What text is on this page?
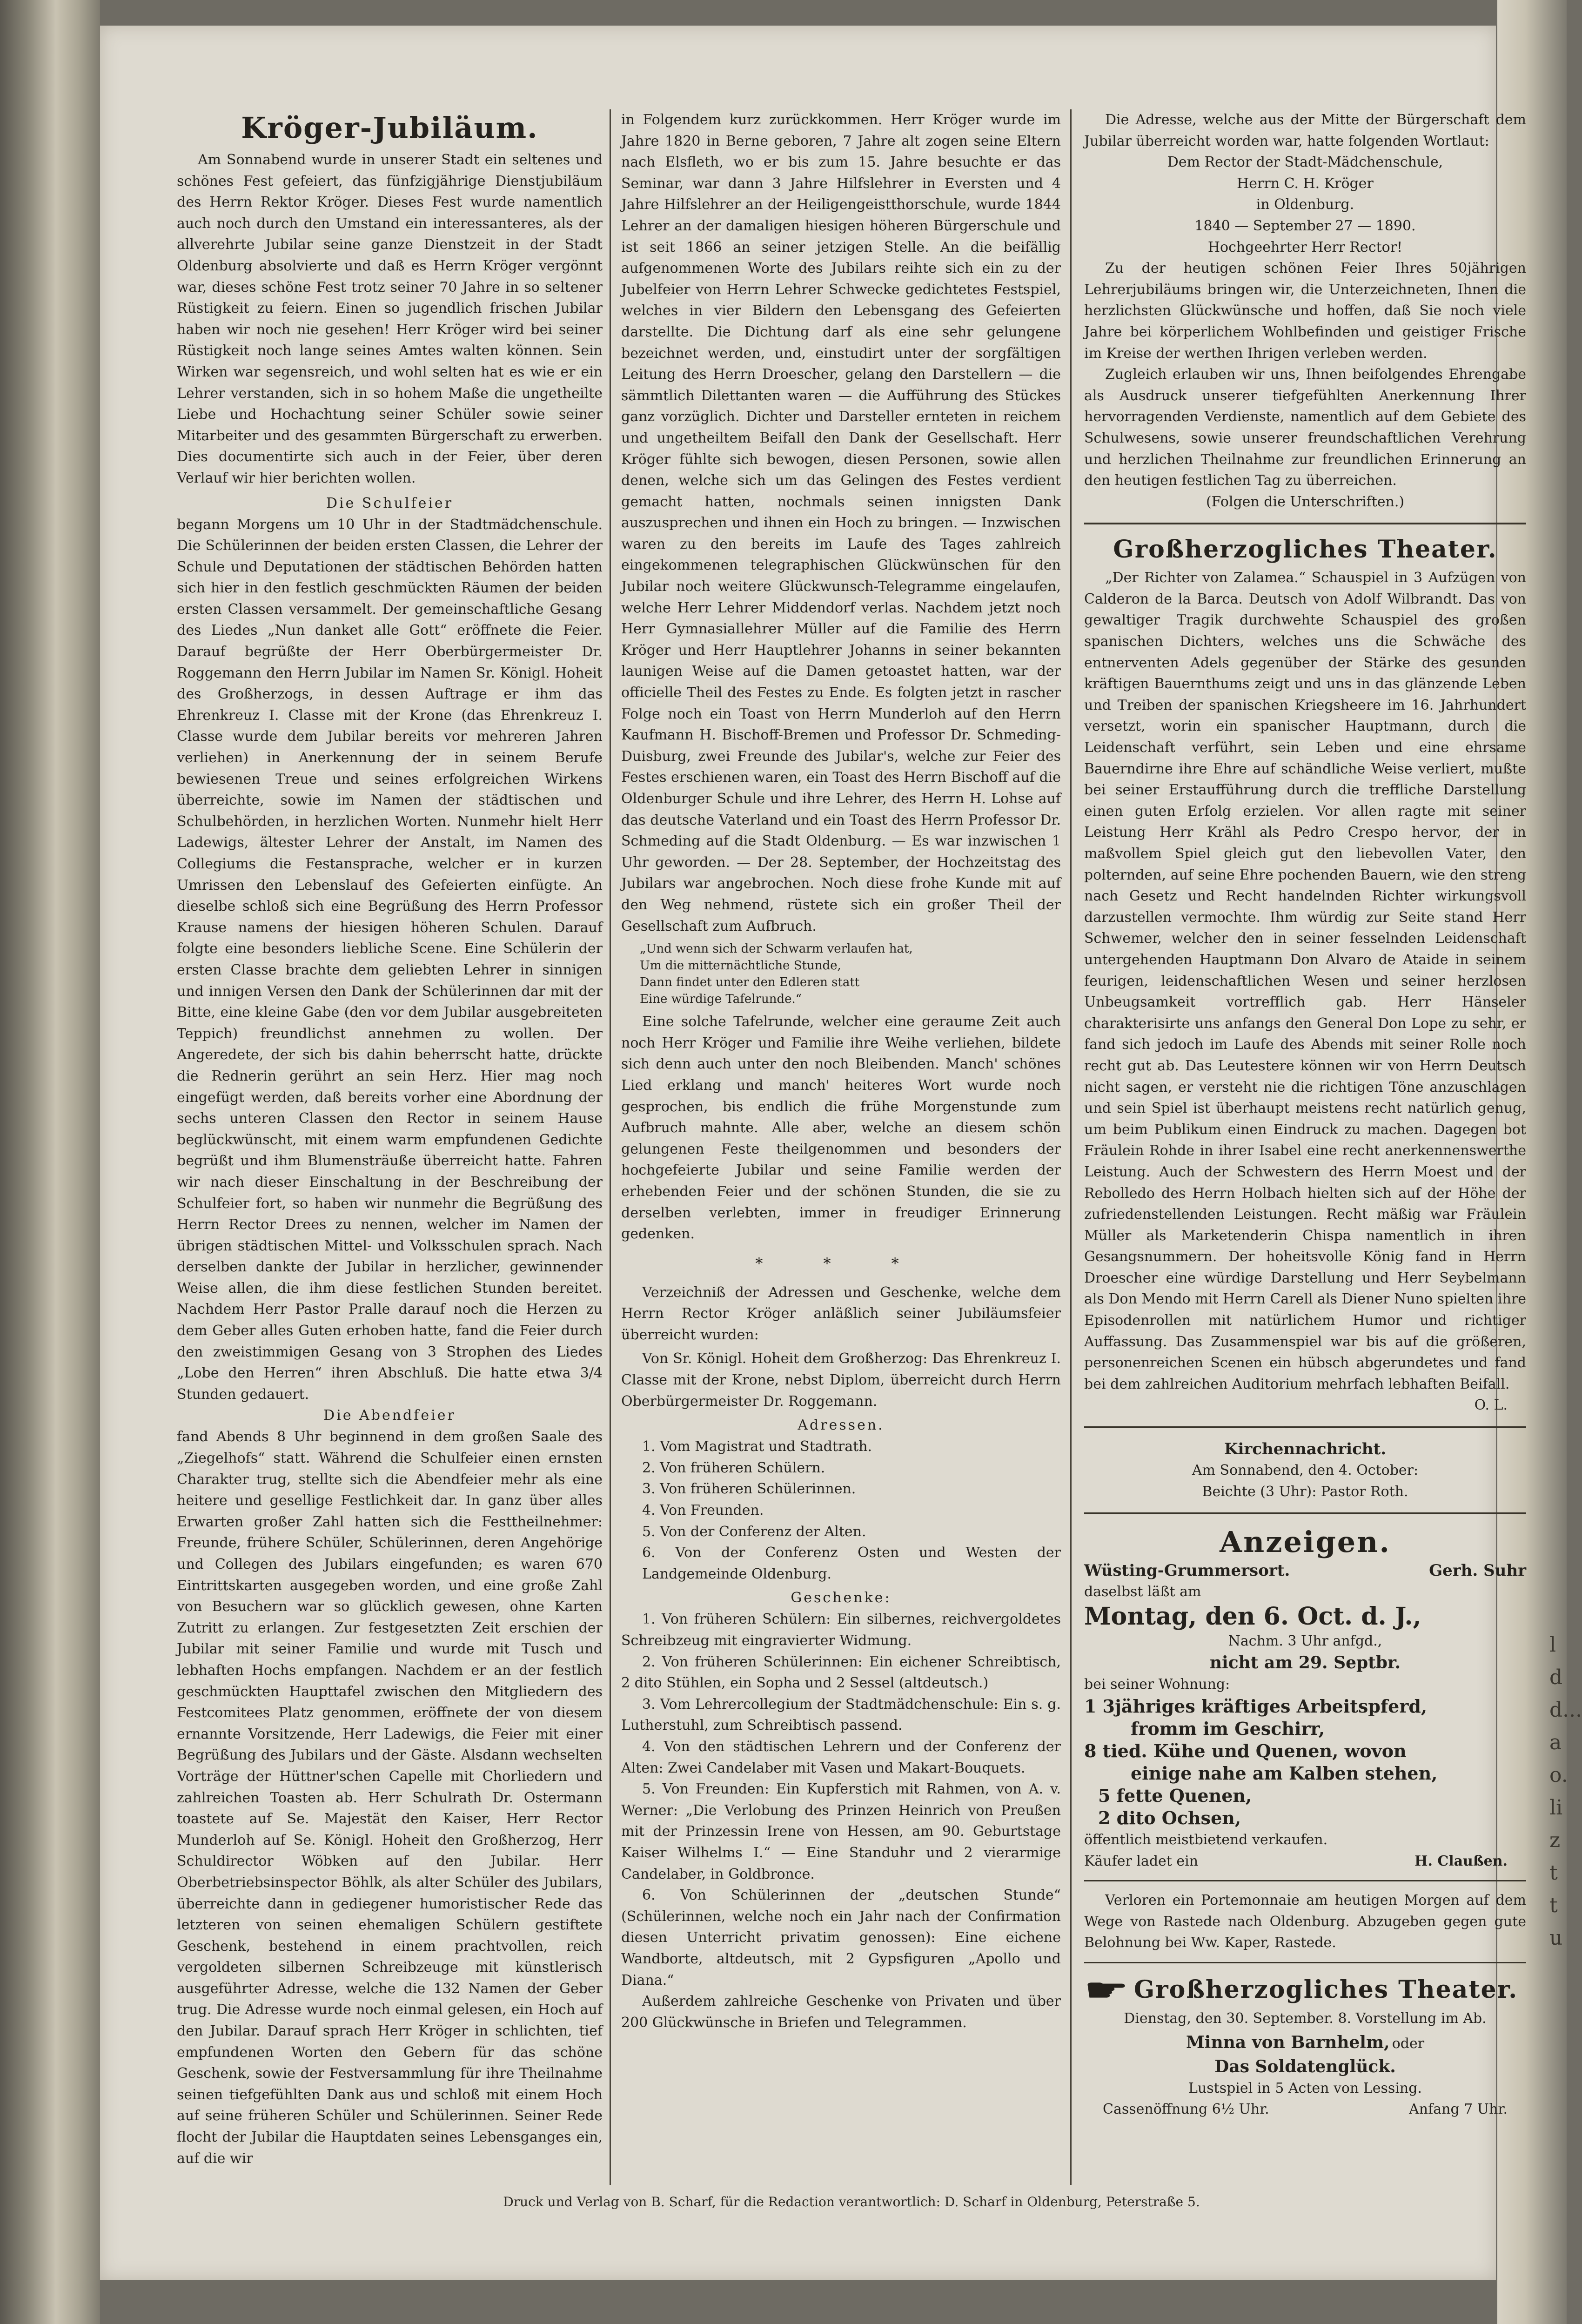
ldd...ao.lizttu
Kröger-Jubiläum.

Am Sonnabend wurde in unserer Stadt ein seltenes und schönes Fest gefeiert, das fünfzigjährige Dienstjubiläum des Herrn Rektor Kröger. Dieses Fest wurde namentlich auch noch durch den Umstand ein interessanteres, als der allverehrte Jubilar seine ganze Dienstzeit in der Stadt Oldenburg absolvierte und daß es Herrn Kröger vergönnt war, dieses schöne Fest trotz seiner 70 Jahre in so seltener Rüstigkeit zu feiern. Einen so jugendlich frischen Jubilar haben wir noch nie gesehen! Herr Kröger wird bei seiner Rüstigkeit noch lange seines Amtes walten können. Sein Wirken war segensreich, und wohl selten hat es wie er ein Lehrer verstanden, sich in so hohem Maße die ungetheilte Liebe und Hochachtung seiner Schüler sowie seiner Mitarbeiter und des gesammten Bürgerschaft zu erwerben. Dies documentirte sich auch in der Feier, über deren Verlauf wir hier berichten wollen.

Die Schulfeier

begann Morgens um 10 Uhr in der Stadtmädchenschule. Die Schülerinnen der beiden ersten Classen, die Lehrer der Schule und Deputationen der städtischen Behörden hatten sich hier in den festlich geschmückten Räumen der beiden ersten Classen versammelt. Der gemeinschaftliche Gesang des Liedes „Nun danket alle Gott“ eröffnete die Feier. Darauf begrüßte der Herr Oberbürgermeister Dr. Roggemann den Herrn Jubilar im Namen Sr. Königl. Hoheit des Großherzogs, in dessen Auftrage er ihm das Ehrenkreuz I. Classe mit der Krone (das Ehrenkreuz I. Classe wurde dem Jubilar bereits vor mehreren Jahren verliehen) in Anerkennung der in seinem Berufe bewiesenen Treue und seines erfolgreichen Wirkens überreichte, sowie im Namen der städtischen und Schulbehörden, in herzlichen Worten. Nunmehr hielt Herr Ladewigs, ältester Lehrer der Anstalt, im Namen des Collegiums die Festansprache, welcher er in kurzen Umrissen den Lebenslauf des Gefeierten einfügte. An dieselbe schloß sich eine Begrüßung des Herrn Professor Krause namens der hiesigen höheren Schulen. Darauf folgte eine besonders liebliche Scene. Eine Schülerin der ersten Classe brachte dem geliebten Lehrer in sinnigen und innigen Versen den Dank der Schülerinnen dar mit der Bitte, eine kleine Gabe (den vor dem Jubilar ausgebreiteten Teppich) freundlichst annehmen zu wollen. Der Angeredete, der sich bis dahin beherrscht hatte, drückte die Rednerin gerührt an sein Herz. Hier mag noch eingefügt werden, daß bereits vorher eine Abordnung der sechs unteren Classen den Rector in seinem Hause beglückwünscht, mit einem warm empfundenen Gedichte begrüßt und ihm Blumensträuße überreicht hatte. Fahren wir nach dieser Einschaltung in der Beschreibung der Schulfeier fort, so haben wir nunmehr die Begrüßung des Herrn Rector Drees zu nennen, welcher im Namen der übrigen städtischen Mittel- und Volksschulen sprach. Nach derselben dankte der Jubilar in herzlicher, gewinnender Weise allen, die ihm diese festlichen Stunden bereitet. Nachdem Herr Pastor Pralle darauf noch die Herzen zu dem Geber alles Guten erhoben hatte, fand die Feier durch den zweistimmigen Gesang von 3 Strophen des Liedes „Lobe den Herren“ ihren Abschluß. Die hatte etwa 3/4 Stunden gedauert.

Die Abendfeier

fand Abends 8 Uhr beginnend in dem großen Saale des „Ziegelhofs“ statt. Während die Schulfeier einen ernsten Charakter trug, stellte sich die Abendfeier mehr als eine heitere und gesellige Festlichkeit dar. In ganz über alles Erwarten großer Zahl hatten sich die Festtheilnehmer: Freunde, frühere Schüler, Schülerinnen, deren Angehörige und Collegen des Jubilars eingefunden; es waren 670 Eintrittskarten ausgegeben worden, und eine große Zahl von Besuchern war so glücklich gewesen, ohne Karten Zutritt zu erlangen. Zur festgesetzten Zeit erschien der Jubilar mit seiner Familie und wurde mit Tusch und lebhaften Hochs empfangen. Nachdem er an der festlich geschmückten Haupttafel zwischen den Mitgliedern des Festcomitees Platz genommen, eröffnete der von diesem ernannte Vorsitzende, Herr Ladewigs, die Feier mit einer Begrüßung des Jubilars und der Gäste. Alsdann wechselten Vorträge der Hüttner'schen Capelle mit Chorliedern und zahlreichen Toasten ab. Herr Schulrath Dr. Ostermann toastete auf Se. Majestät den Kaiser, Herr Rector Munderloh auf Se. Königl. Hoheit den Großherzog, Herr Schuldirector Wöbken auf den Jubilar. Herr Oberbetriebsinspector Böhlk, als alter Schüler des Jubilars, überreichte dann in gediegener humoristischer Rede das letzteren von seinen ehemaligen Schülern gestiftete Geschenk, bestehend in einem prachtvollen, reich vergoldeten silbernen Schreibzeuge mit künstlerisch ausgeführter Adresse, welche die 132 Namen der Geber trug. Die Adresse wurde noch einmal gelesen, ein Hoch auf den Jubilar. Darauf sprach Herr Kröger in schlichten, tief empfundenen Worten den Gebern für das schöne Geschenk, sowie der Festversammlung für ihre Theilnahme seinen tiefgefühlten Dank aus und schloß mit einem Hoch auf seine früheren Schüler und Schülerinnen. Seiner Rede flocht der Jubilar die Hauptdaten seines Lebensganges ein, auf die wir

in Folgendem kurz zurückkommen. Herr Kröger wurde im Jahre 1820 in Berne geboren, 7 Jahre alt zogen seine Eltern nach Elsfleth, wo er bis zum 15. Jahre besuchte er das Seminar, war dann 3 Jahre Hilfslehrer in Eversten und 4 Jahre Hilfslehrer an der Heiligengeistthorschule, wurde 1844 Lehrer an der damaligen hiesigen höheren Bürgerschule und ist seit 1866 an seiner jetzigen Stelle. An die beifällig aufgenommenen Worte des Jubilars reihte sich ein zu der Jubelfeier von Herrn Lehrer Schwecke gedichtetes Festspiel, welches in vier Bildern den Lebensgang des Gefeierten darstellte. Die Dichtung darf als eine sehr gelungene bezeichnet werden, und, einstudirt unter der sorgfältigen Leitung des Herrn Droescher, gelang den Darstellern — die sämmtlich Dilettanten waren — die Aufführung des Stückes ganz vorzüglich. Dichter und Darsteller ernteten in reichem und ungetheiltem Beifall den Dank der Gesellschaft. Herr Kröger fühlte sich bewogen, diesen Personen, sowie allen denen, welche sich um das Gelingen des Festes verdient gemacht hatten, nochmals seinen innigsten Dank auszusprechen und ihnen ein Hoch zu bringen. — Inzwischen waren zu den bereits im Laufe des Tages zahlreich eingekommenen telegraphischen Glückwünschen für den Jubilar noch weitere Glückwunsch-Telegramme eingelaufen, welche Herr Lehrer Middendorf verlas. Nachdem jetzt noch Herr Gymnasiallehrer Müller auf die Familie des Herrn Kröger und Herr Hauptlehrer Johanns in seiner bekannten launigen Weise auf die Damen getoastet hatten, war der officielle Theil des Festes zu Ende. Es folgten jetzt in rascher Folge noch ein Toast von Herrn Munderloh auf den Herrn Kaufmann H. Bischoff-Bremen und Professor Dr. Schmeding-Duisburg, zwei Freunde des Jubilar's, welche zur Feier des Festes erschienen waren, ein Toast des Herrn Bischoff auf die Oldenburger Schule und ihre Lehrer, des Herrn H. Lohse auf das deutsche Vaterland und ein Toast des Herrn Professor Dr. Schmeding auf die Stadt Oldenburg. — Es war inzwischen 1 Uhr geworden. — Der 28. September, der Hochzeitstag des Jubilars war angebrochen. Noch diese frohe Kunde mit auf den Weg nehmend, rüstete sich ein großer Theil der Gesellschaft zum Aufbruch.

„Und wenn sich der Schwarm verlaufen hat,
Um die mitternächtliche Stunde,
Dann findet unter den Edleren statt
Eine würdige Tafelrunde.“

Eine solche Tafelrunde, welcher eine geraume Zeit auch noch Herr Kröger und Familie ihre Weihe verliehen, bildete sich denn auch unter den noch Bleibenden. Manch' schönes Lied erklang und manch' heiteres Wort wurde noch gesprochen, bis endlich die frühe Morgenstunde zum Aufbruch mahnte. Alle aber, welche an diesem schön gelungenen Feste theilgenommen und besonders der hochgefeierte Jubilar und seine Familie werden der erhebenden Feier und der schönen Stunden, die sie zu derselben verlebten, immer in freudiger Erinnerung gedenken.

* * *

Verzeichniß der Adressen und Geschenke, welche dem Herrn Rector Kröger anläßlich seiner Jubiläumsfeier überreicht wurden:

Von Sr. Königl. Hoheit dem Großherzog: Das Ehrenkreuz I. Classe mit der Krone, nebst Diplom, überreicht durch Herrn Oberbürgermeister Dr. Roggemann.

Adressen.

1. Vom Magistrat und Stadtrath.

2. Von früheren Schülern.

3. Von früheren Schülerinnen.

4. Von Freunden.

5. Von der Conferenz der Alten.

6. Von der Conferenz Osten und Westen der Landgemeinde Oldenburg.

Geschenke:

1. Von früheren Schülern: Ein silbernes, reichvergoldetes Schreibzeug mit eingravierter Widmung.

2. Von früheren Schülerinnen: Ein eichener Schreibtisch, 2 dito Stühlen, ein Sopha und 2 Sessel (altdeutsch.)

3. Vom Lehrercollegium der Stadtmädchenschule: Ein s. g. Lutherstuhl, zum Schreibtisch passend.

4. Von den städtischen Lehrern und der Conferenz der Alten: Zwei Candelaber mit Vasen und Makart-Bouquets.

5. Von Freunden: Ein Kupferstich mit Rahmen, von A. v. Werner: „Die Verlobung des Prinzen Heinrich von Preußen mit der Prinzessin Irene von Hessen, am 90. Geburtstage Kaiser Wilhelms I.“ — Eine Standuhr und 2 vierarmige Candelaber, in Goldbronce.

6. Von Schülerinnen der „deutschen Stunde“ (Schülerinnen, welche noch ein Jahr nach der Confirmation diesen Unterricht privatim genossen): Eine eichene Wandborte, altdeutsch, mit 2 Gypsfiguren „Apollo und Diana.“

Außerdem zahlreiche Geschenke von Privaten und über 200 Glückwünsche in Briefen und Telegrammen.

Die Adresse, welche aus der Mitte der Bürgerschaft dem Jubilar überreicht worden war, hatte folgenden Wortlaut:

Dem Rector der Stadt-Mädchenschule,
Herrn C. H. Kröger
in Oldenburg.
1840 — September 27 — 1890.
Hochgeehrter Herr Rector!

Zu der heutigen schönen Feier Ihres 50jährigen Lehrerjubiläums bringen wir, die Unterzeichneten, Ihnen die herzlichsten Glückwünsche und hoffen, daß Sie noch viele Jahre bei körperlichem Wohlbefinden und geistiger Frische im Kreise der werthen Ihrigen verleben werden.

Zugleich erlauben wir uns, Ihnen beifolgendes Ehrengabe als Ausdruck unserer tiefgefühlten Anerkennung Ihrer hervorragenden Verdienste, namentlich auf dem Gebiete des Schulwesens, sowie unserer freundschaftlichen Verehrung und herzlichen Theilnahme zur freundlichen Erinnerung an den heutigen festlichen Tag zu überreichen.

(Folgen die Unterschriften.)
Großherzogliches Theater.

„Der Richter von Zalamea.“ Schauspiel in 3 Aufzügen von Calderon de la Barca. Deutsch von Adolf Wilbrandt. Das von gewaltiger Tragik durchwehte Schauspiel des großen spanischen Dichters, welches uns die Schwäche des entnerventen Adels gegenüber der Stärke des gesunden kräftigen Bauernthums zeigt und uns in das glänzende Leben und Treiben der spanischen Kriegsheere im 16. Jahrhundert versetzt, worin ein spanischer Hauptmann, durch die Leidenschaft verführt, sein Leben und eine ehrsame Bauerndirne ihre Ehre auf schändliche Weise verliert, mußte bei seiner Erstaufführung durch die treffliche Darstellung einen guten Erfolg erzielen. Vor allen ragte mit seiner Leistung Herr Krähl als Pedro Crespo hervor, der in maßvollem Spiel gleich gut den liebevollen Vater, den polternden, auf seine Ehre pochenden Bauern, wie den streng nach Gesetz und Recht handelnden Richter wirkungsvoll darzustellen vermochte. Ihm würdig zur Seite stand Herr Schwemer, welcher den in seiner fesselnden Leidenschaft untergehenden Hauptmann Don Alvaro de Ataide in seinem feurigen, leidenschaftlichen Wesen und seiner herzlosen Unbeugsamkeit vortrefflich gab. Herr Hänseler charakterisirte uns anfangs den General Don Lope zu sehr, er fand sich jedoch im Laufe des Abends mit seiner Rolle noch recht gut ab. Das Leutestere können wir von Herrn Deutsch nicht sagen, er versteht nie die richtigen Töne anzuschlagen und sein Spiel ist überhaupt meistens recht natürlich genug, um beim Publikum einen Eindruck zu machen. Dagegen bot Fräulein Rohde in ihrer Isabel eine recht anerkennenswerthe Leistung. Auch der Schwestern des Herrn Moest und der Rebolledo des Herrn Holbach hielten sich auf der Höhe der zufriedenstellenden Leistungen. Recht mäßig war Fräulein Müller als Marketenderin Chispa namentlich in ihren Gesangsnummern. Der hoheitsvolle König fand in Herrn Droescher eine würdige Darstellung und Herr Seybelmann als Don Mendo mit Herrn Carell als Diener Nuno spielten ihre Episodenrollen mit natürlichem Humor und richtiger Auffassung. Das Zusammenspiel war bis auf die größeren, personenreichen Scenen ein hübsch abgerundetes und fand bei dem zahlreichen Auditorium mehrfach lebhaften Beifall.

O. L.
Kirchennachricht.
Am Sonnabend, den 4. October:
Beichte (3 Uhr): Pastor Roth.
Anzeigen.
Wüsting-Grummersort.	Gerh. Suhr
daselbst läßt am
Montag, den 6. Oct. d. J.,
Nachm. 3 Uhr anfgd.,
nicht am 29. Septbr.
bei seiner Wohnung:
1 3jähriges kräftiges Arbeitspferd,
fromm im Geschirr,
8 tied. Kühe und Quenen, wovon
einige nahe am Kalben stehen,
5 fette Quenen,
2 dito Ochsen,
öffentlich meistbietend verkaufen.
Käufer ladet ein	H. Claußen.

Verloren ein Portemonnaie am heutigen Morgen auf dem Wege von Rastede nach Oldenburg. Abzugeben gegen gute Belohnung bei Ww. Kaper, Rastede.

☛ Großherzogliches Theater.
Dienstag, den 30. September. 8. Vorstellung im Ab.
Minna von Barnhelm, oder
Das Soldatenglück.
Lustspiel in 5 Acten von Lessing.
Cassenöffnung 6½ Uhr.	Anfang 7 Uhr.
Druck und Verlag von B. Scharf, für die Redaction verantwortlich: D. Scharf in Oldenburg, Peterstraße 5.
